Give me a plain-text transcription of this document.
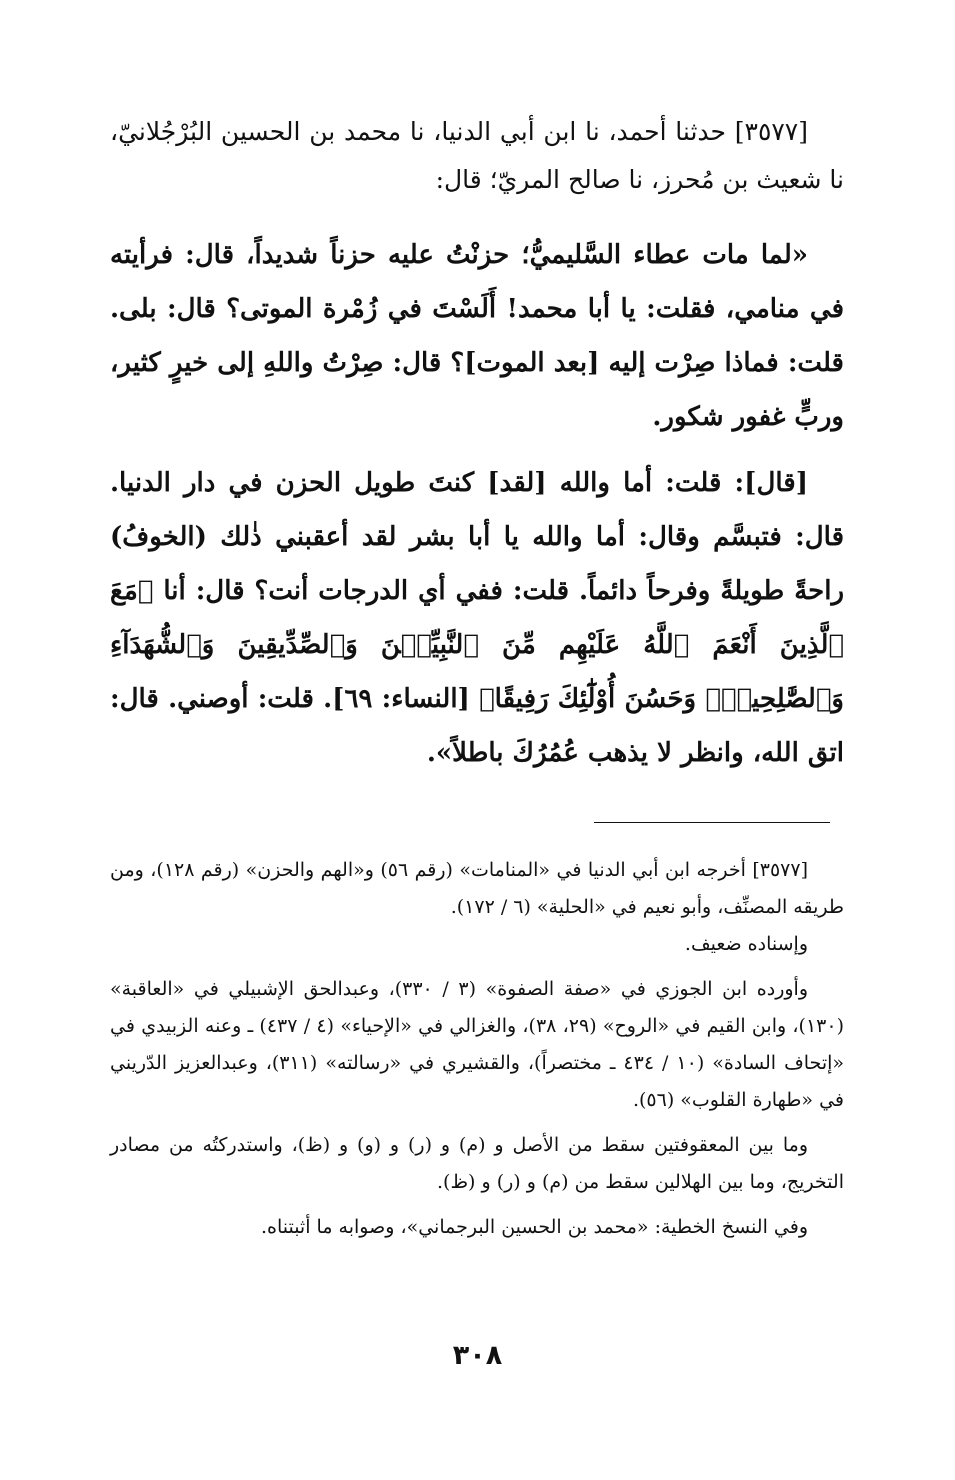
[٣٥٧٧] حدثنا أحمد، نا ابن أبي الدنيا، نا محمد بن الحسين البُرْجُلانيّ، نا شعيث بن مُحرز، نا صالح المريّ؛ قال:

«لما مات عطاء السَّليميُّ؛ حزنْتُ عليه حزناً شديداً، قال: فرأيته في منامي، فقلت: يا أبا محمد! أَلَسْتَ في زُمْرة الموتى؟ قال: بلى. قلت: فماذا صِرْت إليه [بعد الموت]؟ قال: صِرْتُ واللهِ إلى خيرٍ كثير، وربٍّ غفور شكور.

[قال]: قلت: أما والله [لقد] كنتَ طويل الحزن في دار الدنيا. قال: فتبسَّم وقال: أما والله يا أبا بشر لقد أعقبني ذٰلك (الخوفُ) راحةً طويلةً وفرحاً دائماً. قلت: ففي أي الدرجات أنت؟ قال: أنا ﴿مَعَ ٱلَّذِينَ أَنْعَمَ ٱللَّهُ عَلَيْهِم مِّنَ ٱلنَّبِيِّـۧنَ وَٱلصِّدِّيقِينَ وَٱلشُّهَدَآءِ وَٱلصَّٰلِحِينَۚ وَحَسُنَ أُوْلَٰٓئِكَ رَفِيقًا﴾ [النساء: ٦٩]. قلت: أوصني. قال: اتق الله، وانظر لا يذهب عُمُرُكَ باطلاً».

[٣٥٧٧] أخرجه ابن أبي الدنيا في «المنامات» (رقم ٥٦) و«الهم والحزن» (رقم ١٢٨)، ومن طريقه المصنِّف، وأبو نعيم في «الحلية» (٦ / ١٧٢).

وإسناده ضعيف.

وأورده ابن الجوزي في «صفة الصفوة» (٣ / ٣٣٠)، وعبدالحق الإشبيلي في «العاقبة» (١٣٠)، وابن القيم في «الروح» (٢٩، ٣٨)، والغزالي في «الإحياء» (٤ / ٤٣٧) ـ وعنه الزبيدي في «إتحاف السادة» (١٠ / ٤٣٤ ـ مختصراً)، والقشيري في «رسالته» (٣١١)، وعبدالعزيز الدّريني في «طهارة القلوب» (٥٦).

وما بين المعقوفتين سقط من الأصل و (م) و (ر) و (و) و (ظ)، واستدركتُه من مصادر التخريج، وما بين الهلالين سقط من (م) و (ر) و (ظ).

وفي النسخ الخطية: «محمد بن الحسين البرجماني»، وصوابه ما أثبتناه.

٣٠٨
